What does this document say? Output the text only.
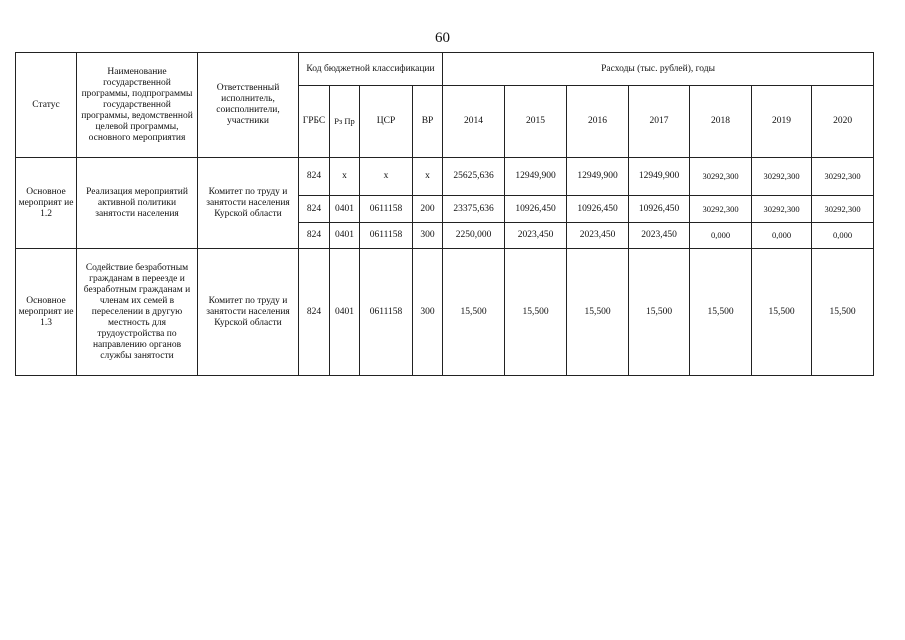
60
Статус	Наименование государственной программы, подпрограммы государственной программы, ведомственной целевой программы, основного мероприятия	Ответственный исполнитель, соисполнители, участники	Код бюджетной классификации				Расходы (тыс. рублей), годы						
			ГРБС	Рз Пр	ЦСР	ВР	2014	2015	2016	2017	2018	2019	2020
Основное мероприят ие 1.2	Реализация мероприятий активной политики занятости населения	Комитет по труду и занятости населения Курской области	824	х	х	х	25625,636	12949,900	12949,900	12949,900	30292,300	30292,300	30292,300
			824	0401	0611158	200	23375,636	10926,450	10926,450	10926,450	30292,300	30292,300	30292,300
			824	0401	0611158	300	2250,000	2023,450	2023,450	2023,450	0,000	0,000	0,000
Основное мероприят ие 1.3	Содействие безработным гражданам в переезде и безработным гражданам и членам их семей в переселении в другую местность для трудоустройства по направлению органов службы занятости	Комитет по труду и занятости населения Курской области	824	0401	0611158	300	15,500	15,500	15,500	15,500	15,500	15,500	15,500
